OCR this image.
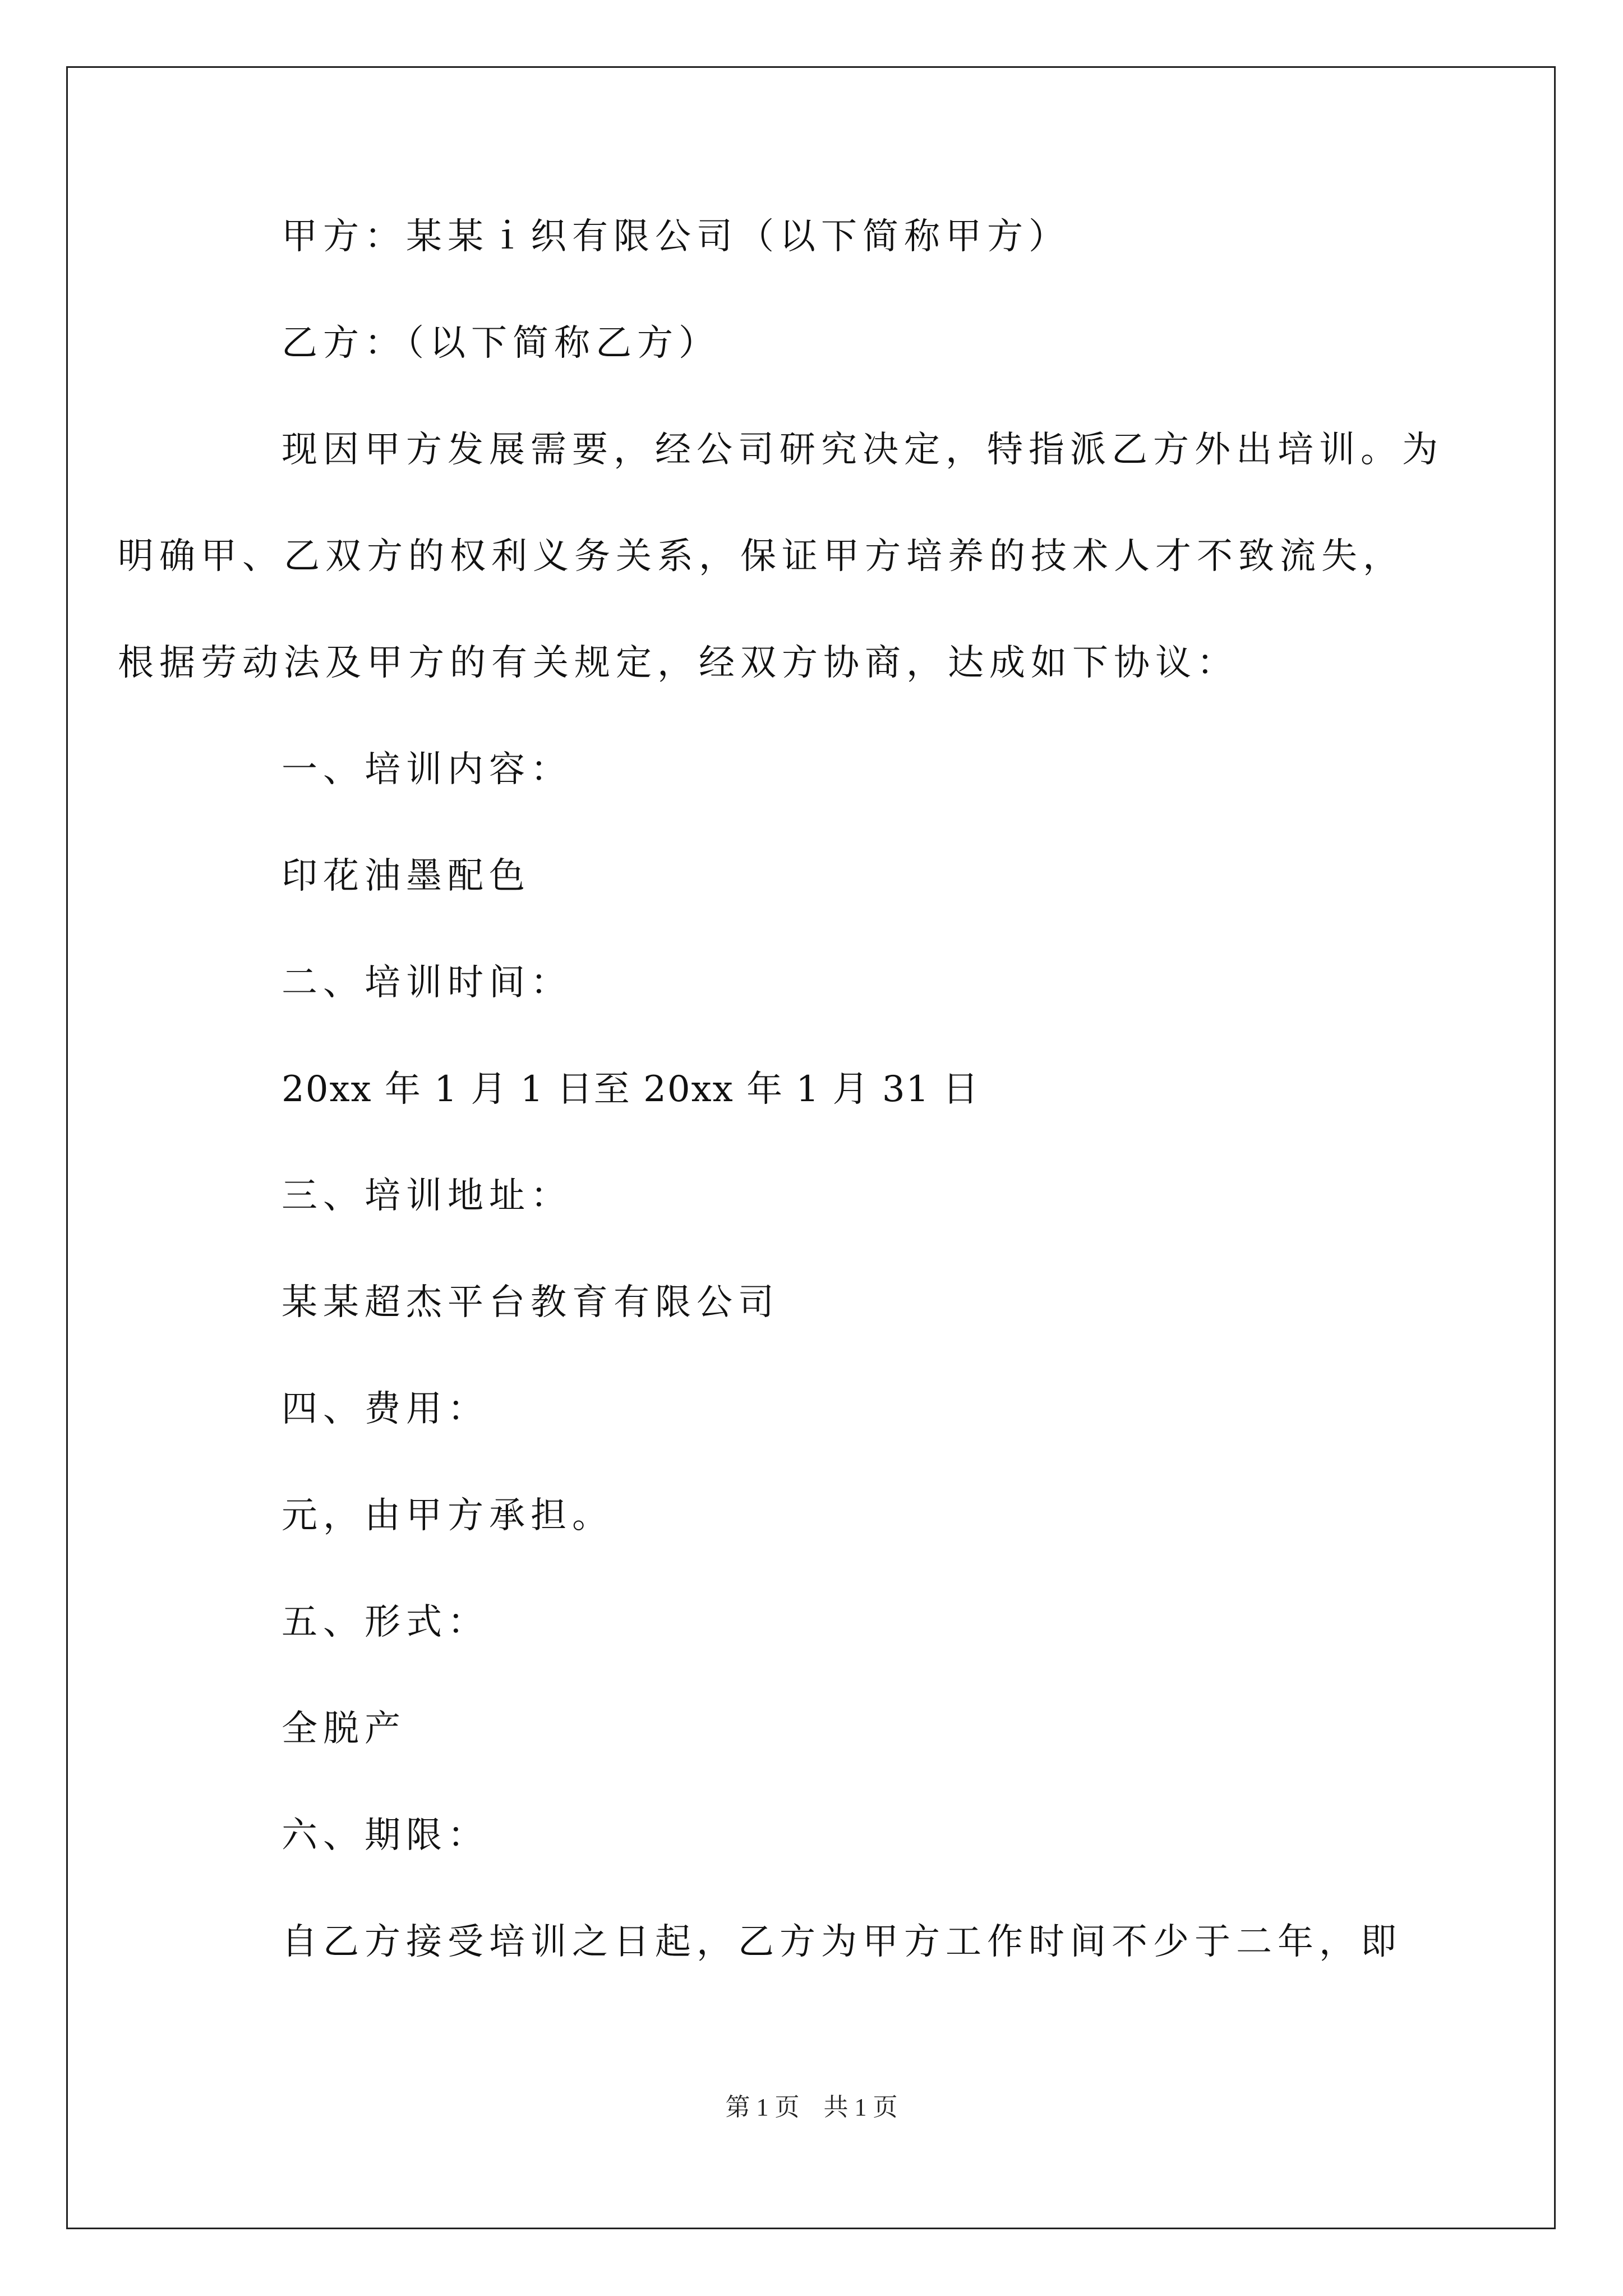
甲方：某某ｉ织有限公司（以下简称甲方）

乙方：（以下简称乙方）

现因甲方发展需要，经公司研究决定，特指派乙方外出培训。为

明确甲、乙双方的权利义务关系，保证甲方培养的技术人才不致流失，

根据劳动法及甲方的有关规定，经双方协商，达成如下协议：

一、培训内容：

印花油墨配色

二、培训时间：

20xx 年 1 月 1 日至 20xx 年 1 月 31 日

三、培训地址：

某某超杰平台教育有限公司

四、费用：

元，由甲方承担。

五、形式：

全脱产

六、期限：

自乙方接受培训之日起，乙方为甲方工作时间不少于二年，即

第 1 页 共 1 页
